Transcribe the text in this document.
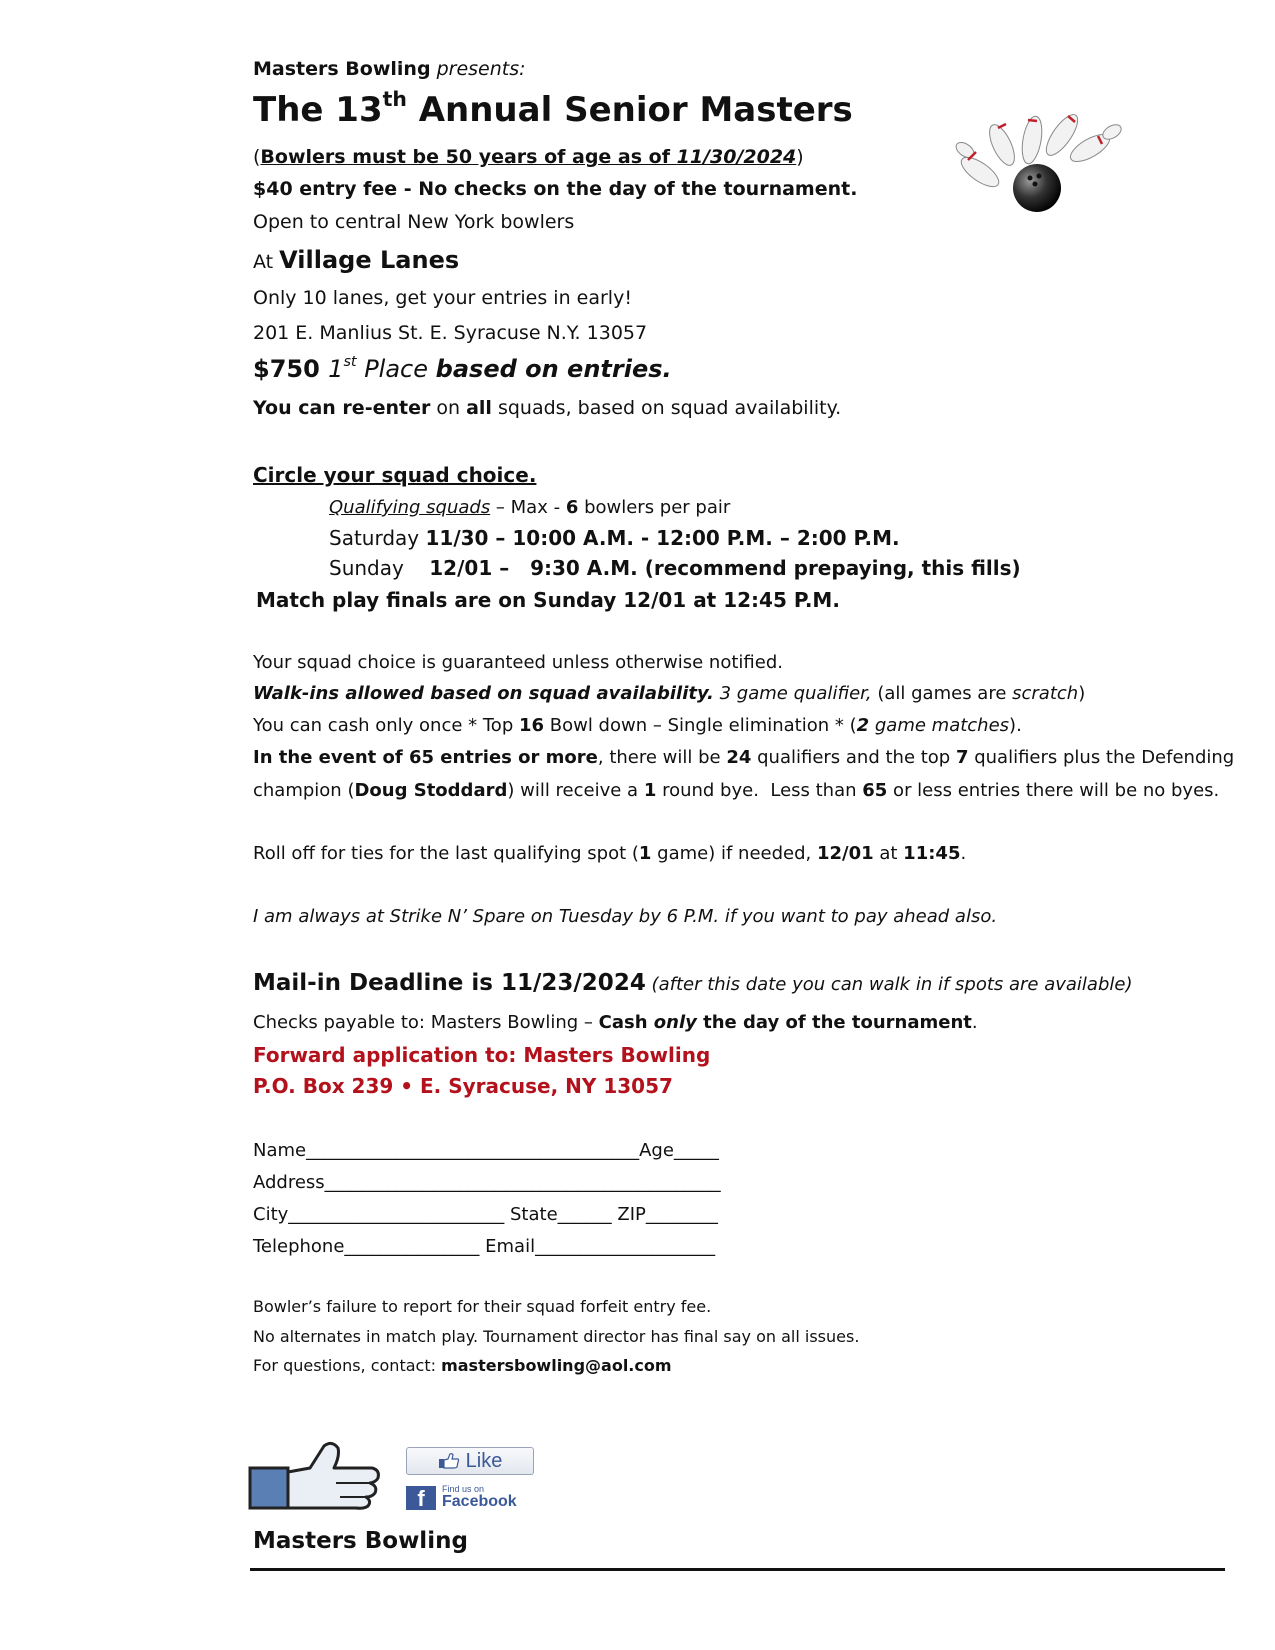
Masters Bowling presents:
The 13th Annual Senior Masters
(Bowlers must be 50 years of age as of 11/30/2024)
$40 entry fee - No checks on the day of the tournament.
Open to central New York bowlers
At Village Lanes
Only 10 lanes, get your entries in early!
201 E. Manlius St. E. Syracuse N.Y. 13057
$750 1st Place based on entries.
You can re-enter on all squads, based on squad availability.
Circle your squad choice.
Qualifying squads – Max - 6 bowlers per pair
Saturday 11/30 – 10:00 A.M. - 12:00 P.M. – 2:00 P.M.
Sunday    12/01 –   9:30 A.M. (recommend prepaying, this fills)
Match play finals are on Sunday 12/01 at 12:45 P.M.
Your squad choice is guaranteed unless otherwise notified.
Walk-ins allowed based on squad availability. 3 game qualifier, (all games are scratch)
You can cash only once * Top 16 Bowl down – Single elimination * (2 game matches).
In the event of 65 entries or more, there will be 24 qualifiers and the top 7 qualifiers plus the Defending
champion (Doug Stoddard) will receive a 1 round bye.  Less than 65 or less entries there will be no byes.
Roll off for ties for the last qualifying spot (1 game) if needed, 12/01 at 11:45.
I am always at Strike N’ Spare on Tuesday by 6 P.M. if you want to pay ahead also.
Mail-in Deadline is 11/23/2024 (after this date you can walk in if spots are available)
Checks payable to: Masters Bowling – Cash only the day of the tournament.
Forward application to: Masters Bowling
P.O. Box 239 • E. Syracuse, NY 13057
Name_____________________________________Age_____
Address____________________________________________
City________________________ State______ ZIP________
Telephone_______________ Email____________________
Bowler’s failure to report for their squad forfeit entry fee.
No alternates in match play. Tournament director has final say on all issues.
For questions, contact: mastersbowling@aol.com
Like
f	Find us on
Facebook
Masters Bowling
